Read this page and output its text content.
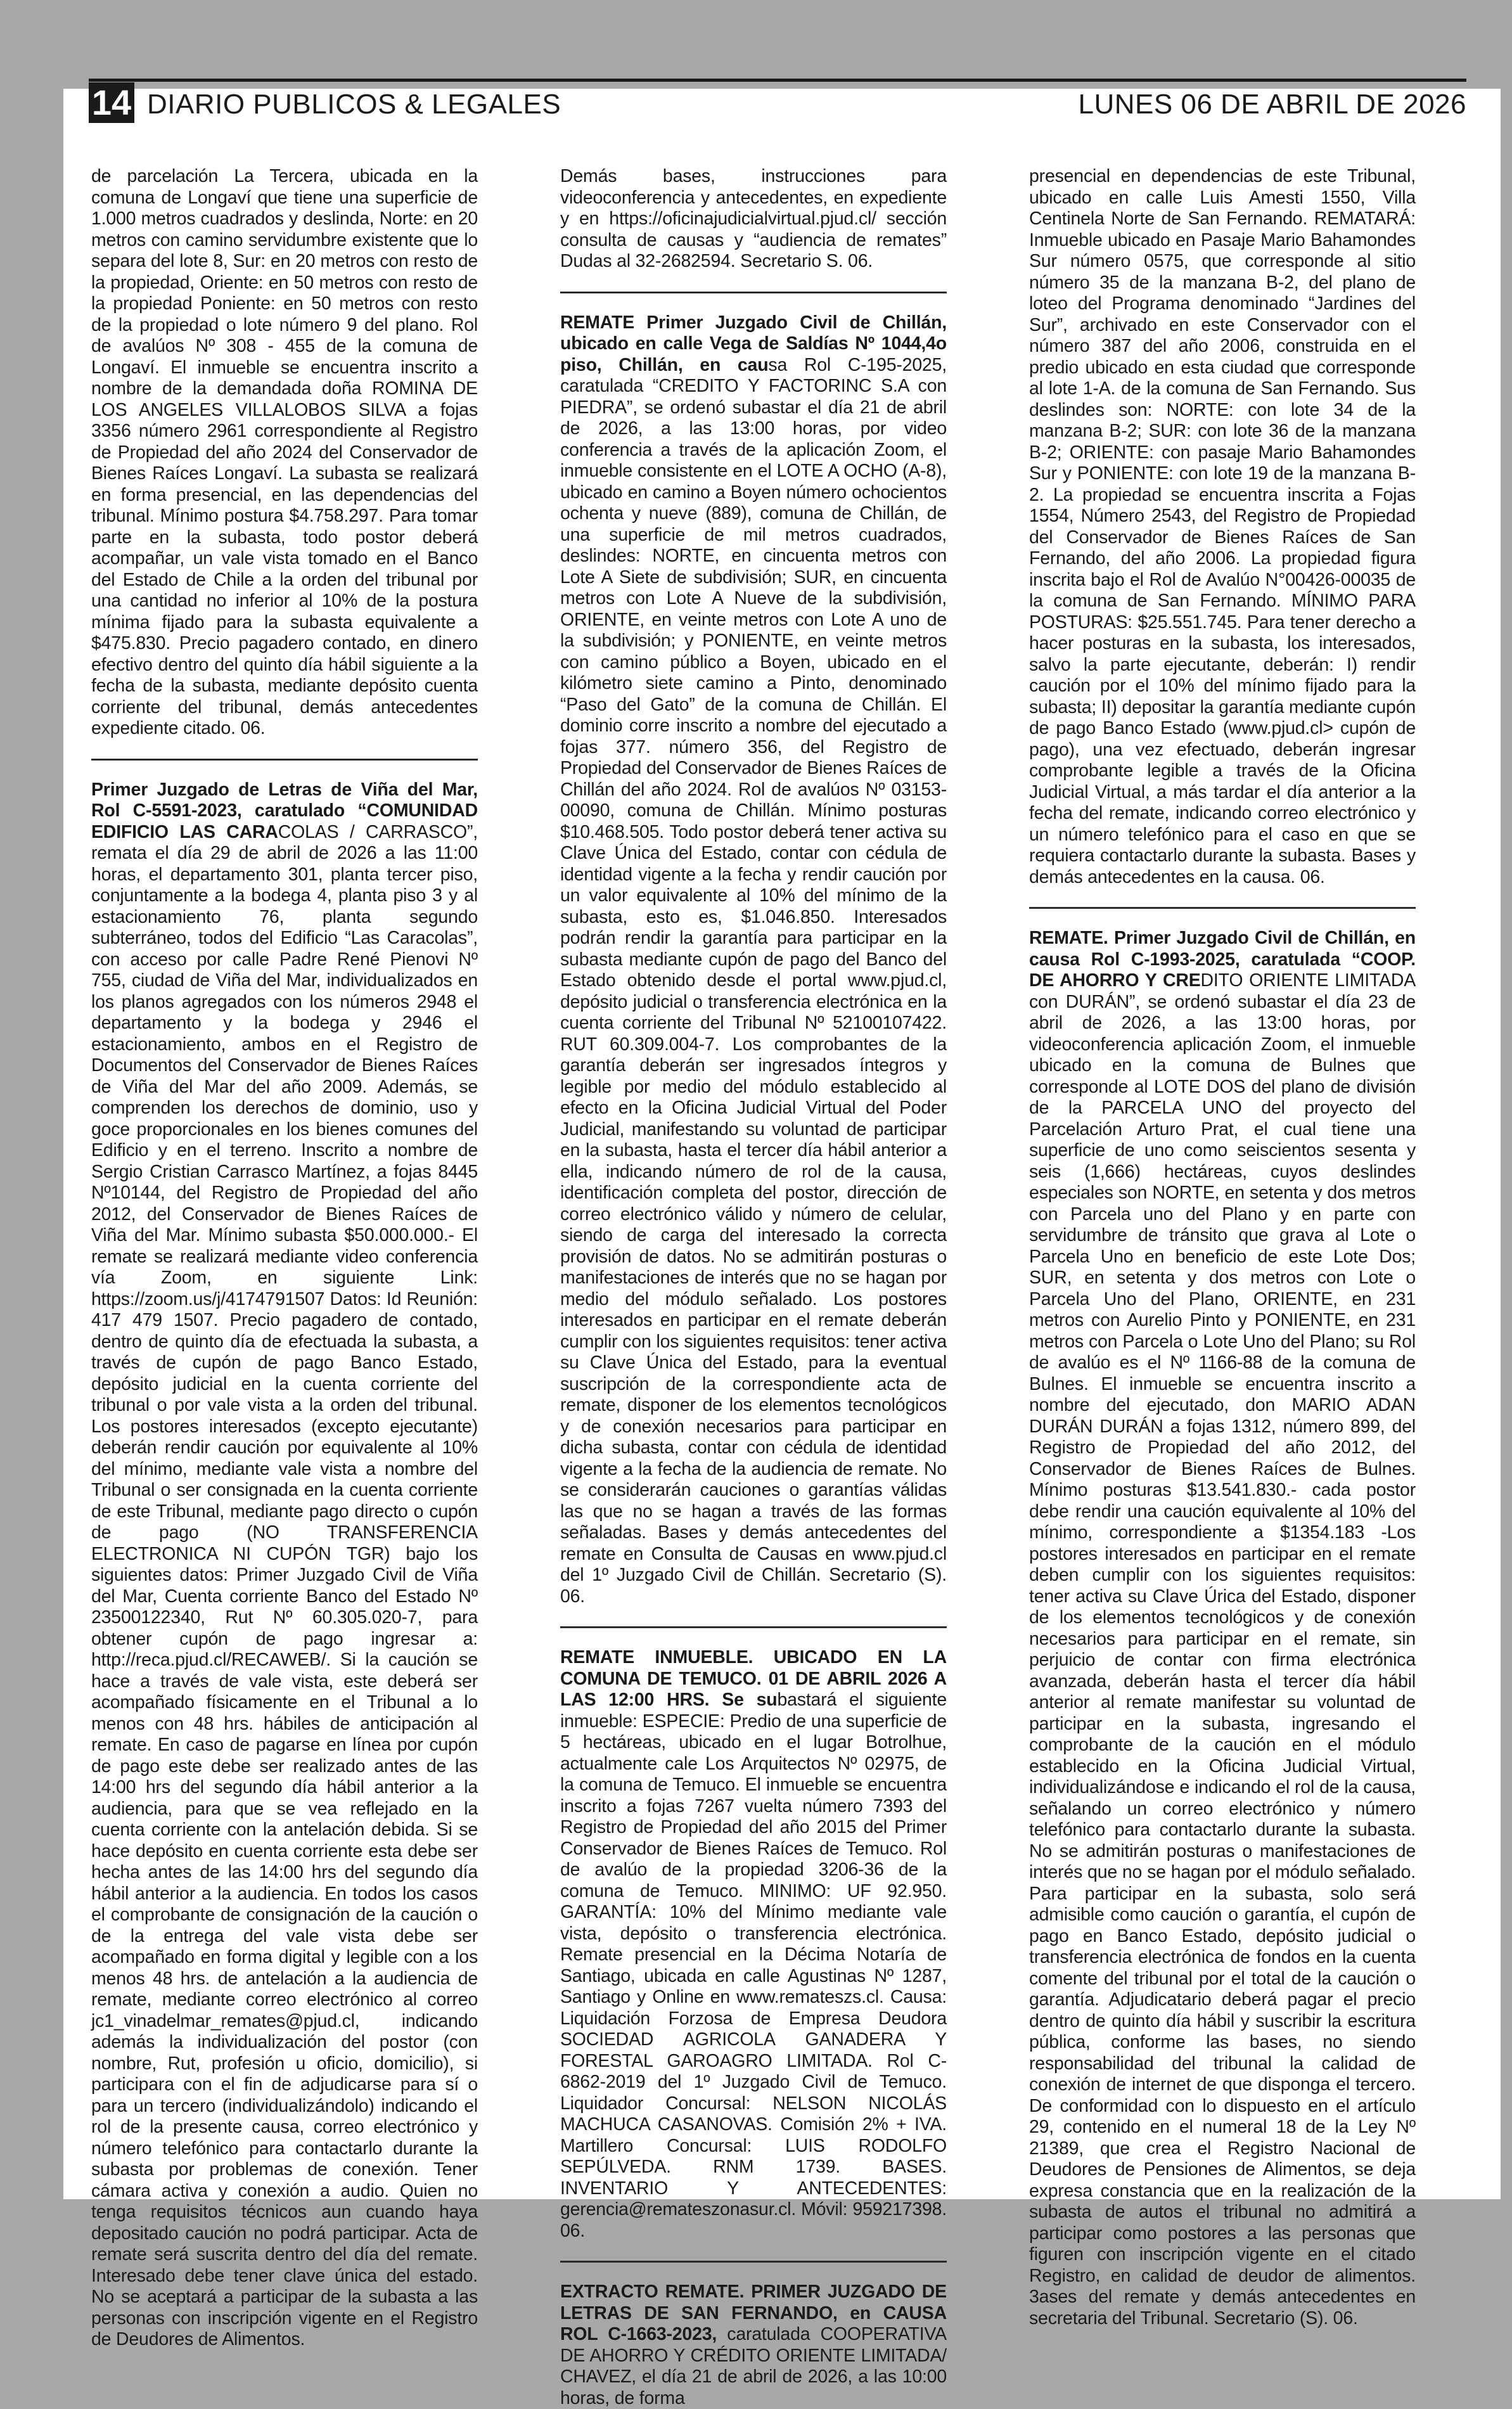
14 DIARIO PUBLICOS & LEGALES	LUNES 06 DE ABRIL DE 2026

de parcelación La Tercera, ubicada en la comuna de Longaví que tiene una superficie de 1.000 metros cuadrados y deslinda, Norte: en 20 metros con camino servidumbre existente que lo separa del lote 8, Sur: en 20 metros con resto de la propiedad, Oriente: en 50 metros con resto de la propiedad Poniente: en 50 metros con resto de la propiedad o lote número 9 del plano. Rol de avalúos Nº 308 - 455 de la comuna de Longaví. El inmueble se encuentra inscrito a nombre de la demandada doña ROMINA DE LOS ANGELES VILLALOBOS SILVA a fojas 3356 número 2961 correspondiente al Registro de Propiedad del año 2024 del Conservador de Bienes Raíces Longaví. La subasta se realizará en forma presencial, en las dependencias del tribunal. Mínimo postura $4.758.297. Para tomar parte en la subasta, todo postor deberá acompañar, un vale vista tomado en el Banco del Estado de Chile a la orden del tribunal por una cantidad no inferior al 10% de la postura mínima fijado para la subasta equivalente a $475.830. Precio pagadero contado, en dinero efectivo dentro del quinto día hábil siguiente a la fecha de la subasta, mediante depósito cuenta corriente del tribunal, demás antecedentes expediente citado. 06.

Primer Juzgado de Letras de Viña del Mar, Rol C-5591-2023, caratulado “COMUNIDAD EDIFICIO LAS CARACOLAS / CARRASCO”, remata el día 29 de abril de 2026 a las 11:00 horas, el departamento 301, planta tercer piso, conjuntamente a la bodega 4, planta piso 3 y al estacionamiento 76, planta segundo subterráneo, todos del Edificio “Las Caracolas”, con acceso por calle Padre René Pienovi Nº 755, ciudad de Viña del Mar, individualizados en los planos agregados con los números 2948 el departamento y la bodega y 2946 el estacionamiento, ambos en el Registro de Documentos del Conservador de Bienes Raíces de Viña del Mar del año 2009. Además, se comprenden los derechos de dominio, uso y goce proporcionales en los bienes comunes del Edificio y en el terreno. Inscrito a nombre de Sergio Cristian Carrasco Martínez, a fojas 8445 Nº10144, del Registro de Propiedad del año 2012, del Conservador de Bienes Raíces de Viña del Mar. Mínimo subasta $50.000.000.- El remate se realizará mediante video conferencia vía Zoom, en siguiente Link: https://zoom.us/j/4174791507 Datos: Id Reunión: 417 479 1507. Precio pagadero de contado, dentro de quinto día de efectuada la subasta, a través de cupón de pago Banco Estado, depósito judicial en la cuenta corriente del tribunal o por vale vista a la orden del tribunal. Los postores interesados (excepto ejecutante) deberán rendir caución por equivalente al 10% del mínimo, mediante vale vista a nombre del Tribunal o ser consignada en la cuenta corriente de este Tribunal, mediante pago directo o cupón de pago (NO TRANSFERENCIA ELECTRONICA NI CUPÓN TGR) bajo los siguientes datos: Primer Juzgado Civil de Viña del Mar, Cuenta corriente Banco del Estado Nº 23500122340, Rut Nº 60.305.020-7, para obtener cupón de pago ingresar a: http://reca.pjud.cl/RECAWEB/. Si la caución se hace a través de vale vista, este deberá ser acompañado físicamente en el Tribunal a lo menos con 48 hrs. hábiles de anticipación al remate. En caso de pagarse en línea por cupón de pago este debe ser realizado antes de las 14:00 hrs del segundo día hábil anterior a la audiencia, para que se vea reflejado en la cuenta corriente con la antelación debida. Si se hace depósito en cuenta corriente esta debe ser hecha antes de las 14:00 hrs del segundo día hábil anterior a la audiencia. En todos los casos el comprobante de consignación de la caución o de la entrega del vale vista debe ser acompañado en forma digital y legible con a los menos 48 hrs. de antelación a la audiencia de remate, mediante correo electrónico al correo jc1_vinadelmar_remates@pjud.cl, indicando además la individualización del postor (con nombre, Rut, profesión u oficio, domicilio), si participara con el fin de adjudicarse para sí o para un tercero (individualizándolo) indicando el rol de la presente causa, correo electrónico y número telefónico para contactarlo durante la subasta por problemas de conexión. Tener cámara activa y conexión a audio. Quien no tenga requisitos técnicos aun cuando haya depositado caución no podrá participar. Acta de remate será suscrita dentro del día del remate. Interesado debe tener clave única del estado. No se aceptará a participar de la subasta a las personas con inscripción vigente en el Registro de Deudores de Alimentos.

Demás bases, instrucciones para videoconferencia y antecedentes, en expediente y en https://oficinajudicialvirtual.pjud.cl/ sección consulta de causas y “audiencia de remates” Dudas al 32-2682594. Secretario S. 06.

REMATE Primer Juzgado Civil de Chillán, ubicado en calle Vega de Saldías Nº 1044,4o piso, Chillán, en causa Rol C-195-2025, caratulada “CREDITO Y FACTORINC S.A con PIEDRA”, se ordenó subastar el día 21 de abril de 2026, a las 13:00 horas, por video conferencia a través de la aplicación Zoom, el inmueble consistente en el LOTE A OCHO (A-8), ubicado en camino a Boyen número ochocientos ochenta y nueve (889), comuna de Chillán, de una superficie de mil metros cuadrados, deslindes: NORTE, en cincuenta metros con Lote A Siete de subdivisión; SUR, en cincuenta metros con Lote A Nueve de la subdivisión, ORIENTE, en veinte metros con Lote A uno de la subdivisión; y PONIENTE, en veinte metros con camino público a Boyen, ubicado en el kilómetro siete camino a Pinto, denominado “Paso del Gato” de la comuna de Chillán. El dominio corre inscrito a nombre del ejecutado a fojas 377. número 356, del Registro de Propiedad del Conservador de Bienes Raíces de Chillán del año 2024. Rol de avalúos Nº 03153-00090, comuna de Chillán. Mínimo posturas $10.468.505. Todo postor deberá tener activa su Clave Única del Estado, contar con cédula de identidad vigente a la fecha y rendir caución por un valor equivalente al 10% del mínimo de la subasta, esto es, $1.046.850. Interesados podrán rendir la garantía para participar en la subasta mediante cupón de pago del Banco del Estado obtenido desde el portal www.pjud.cl, depósito judicial o transferencia electrónica en la cuenta corriente del Tribunal Nº 52100107422. RUT 60.309.004-7. Los comprobantes de la garantía deberán ser ingresados íntegros y legible por medio del módulo establecido al efecto en la Oficina Judicial Virtual del Poder Judicial, manifestando su voluntad de participar en la subasta, hasta el tercer día hábil anterior a ella, indicando número de rol de la causa, identificación completa del postor, dirección de correo electrónico válido y número de celular, siendo de carga del interesado la correcta provisión de datos. No se admitirán posturas o manifestaciones de interés que no se hagan por medio del módulo señalado. Los postores interesados en participar en el remate deberán cumplir con los siguientes requisitos: tener activa su Clave Única del Estado, para la eventual suscripción de la correspondiente acta de remate, disponer de los elementos tecnológicos y de conexión necesarios para participar en dicha subasta, contar con cédula de identidad vigente a la fecha de la audiencia de remate. No se considerarán cauciones o garantías válidas las que no se hagan a través de las formas señaladas. Bases y demás antecedentes del remate en Consulta de Causas en www.pjud.cl del 1º Juzgado Civil de Chillán. Secretario (S). 06.

REMATE INMUEBLE. UBICADO EN LA COMUNA DE TEMUCO. 01 DE ABRIL 2026 A LAS 12:00 HRS. Se subastará el siguiente inmueble: ESPECIE: Predio de una superficie de 5 hectáreas, ubicado en el lugar Botrolhue, actualmente cale Los Arquitectos Nº 02975, de la comuna de Temuco. El inmueble se encuentra inscrito a fojas 7267 vuelta número 7393 del Registro de Propiedad del año 2015 del Primer Conservador de Bienes Raíces de Temuco. Rol de avalúo de la propiedad 3206-36 de la comuna de Temuco. MINIMO: UF 92.950. GARANTÍA: 10% del Mínimo mediante vale vista, depósito o transferencia electrónica. Remate presencial en la Décima Notaría de Santiago, ubicada en calle Agustinas Nº 1287, Santiago y Online en www.remateszs.cl. Causa: Liquidación Forzosa de Empresa Deudora SOCIEDAD AGRICOLA GANADERA Y FORESTAL GAROAGRO LIMITADA. Rol C-6862-2019 del 1º Juzgado Civil de Temuco. Liquidador Concursal: NELSON NICOLÁS MACHUCA CASANOVAS. Comisión 2% + IVA. Martillero Concursal: LUIS RODOLFO SEPÚLVEDA. RNM 1739. BASES. INVENTARIO Y ANTECEDENTES: gerencia@remateszonasur.cl. Móvil: 959217398. 06.

EXTRACTO REMATE. PRIMER JUZGADO DE LETRAS DE SAN FERNANDO, en CAUSA ROL C-1663-2023, caratulada COOPERATIVA DE AHORRO Y CRÉDITO ORIENTE LIMITADA/ CHAVEZ, el día 21 de abril de 2026, a las 10:00 horas, de forma

presencial en dependencias de este Tribunal, ubicado en calle Luis Amesti 1550, Villa Centinela Norte de San Fernando. REMATARÁ: Inmueble ubicado en Pasaje Mario Bahamondes Sur número 0575, que corresponde al sitio número 35 de la manzana B-2, del plano de loteo del Programa denominado “Jardines del Sur”, archivado en este Conservador con el número 387 del año 2006, construida en el predio ubicado en esta ciudad que corresponde al lote 1-A. de la comuna de San Fernando. Sus deslindes son: NORTE: con lote 34 de la manzana B-2; SUR: con lote 36 de la manzana B-2; ORIENTE: con pasaje Mario Bahamondes Sur y PONIENTE: con lote 19 de la manzana B-2. La propiedad se encuentra inscrita a Fojas 1554, Número 2543, del Registro de Propiedad del Conservador de Bienes Raíces de San Fernando, del año 2006. La propiedad figura inscrita bajo el Rol de Avalúo N°00426-00035 de la comuna de San Fernando. MÍNIMO PARA POSTURAS: $25.551.745. Para tener derecho a hacer posturas en la subasta, los interesados, salvo la parte ejecutante, deberán: I) rendir caución por el 10% del mínimo fijado para la subasta; II) depositar la garantía mediante cupón de pago Banco Estado (www.pjud.cl> cupón de pago), una vez efectuado, deberán ingresar comprobante legible a través de la Oficina Judicial Virtual, a más tardar el día anterior a la fecha del remate, indicando correo electrónico y un número telefónico para el caso en que se requiera contactarlo durante la subasta. Bases y demás antecedentes en la causa. 06.

REMATE. Primer Juzgado Civil de Chillán, en causa Rol C-1993-2025, caratulada “COOP. DE AHORRO Y CREDITO ORIENTE LIMITADA con DURÁN”, se ordenó subastar el día 23 de abril de 2026, a las 13:00 horas, por videoconferencia aplicación Zoom, el inmueble ubicado en la comuna de Bulnes que corresponde al LOTE DOS del plano de división de la PARCELA UNO del proyecto del Parcelación Arturo Prat, el cual tiene una superficie de uno como seiscientos sesenta y seis (1,666) hectáreas, cuyos deslindes especiales son NORTE, en setenta y dos metros con Parcela uno del Plano y en parte con servidumbre de tránsito que grava al Lote o Parcela Uno en beneficio de este Lote Dos; SUR, en setenta y dos metros con Lote o Parcela Uno del Plano, ORIENTE, en 231 metros con Aurelio Pinto y PONIENTE, en 231 metros con Parcela o Lote Uno del Plano; su Rol de avalúo es el Nº 1166-88 de la comuna de Bulnes. El inmueble se encuentra inscrito a nombre del ejecutado, don MARIO ADAN DURÁN DURÁN a fojas 1312, número 899, del Registro de Propiedad del año 2012, del Conservador de Bienes Raíces de Bulnes. Mínimo posturas $13.541.830.- cada postor debe rendir una caución equivalente al 10% del mínimo, correspondiente a $1354.183 -Los postores interesados en participar en el remate deben cumplir con los siguientes requisitos: tener activa su Clave Úrica del Estado, disponer de los elementos tecnológicos y de conexión necesarios para participar en el remate, sin perjuicio de contar con firma electrónica avanzada, deberán hasta el tercer día hábil anterior al remate manifestar su voluntad de participar en la subasta, ingresando el comprobante de la caución en el módulo establecido en la Oficina Judicial Virtual, individualizándose e indicando el rol de la causa, señalando un correo electrónico y número telefónico para contactarlo durante la subasta. No se admitirán posturas o manifestaciones de interés que no se hagan por el módulo señalado. Para participar en la subasta, solo será admisible como caución o garantía, el cupón de pago en Banco Estado, depósito judicial o transferencia electrónica de fondos en la cuenta comente del tribunal por el total de la caución o garantía. Adjudicatario deberá pagar el precio dentro de quinto día hábil y suscribir la escritura pública, conforme las bases, no siendo responsabilidad del tribunal la calidad de conexión de internet de que disponga el tercero. De conformidad con lo dispuesto en el artículo 29, contenido en el numeral 18 de la Ley Nº 21389, que crea el Registro Nacional de Deudores de Pensiones de Alimentos, se deja expresa constancia que en la realización de la subasta de autos el tribunal no admitirá a participar como postores a las personas que figuren con inscripción vigente en el citado Registro, en calidad de deudor de alimentos. 3ases del remate y demás antecedentes en secretaria del Tribunal. Secretario (S). 06.
